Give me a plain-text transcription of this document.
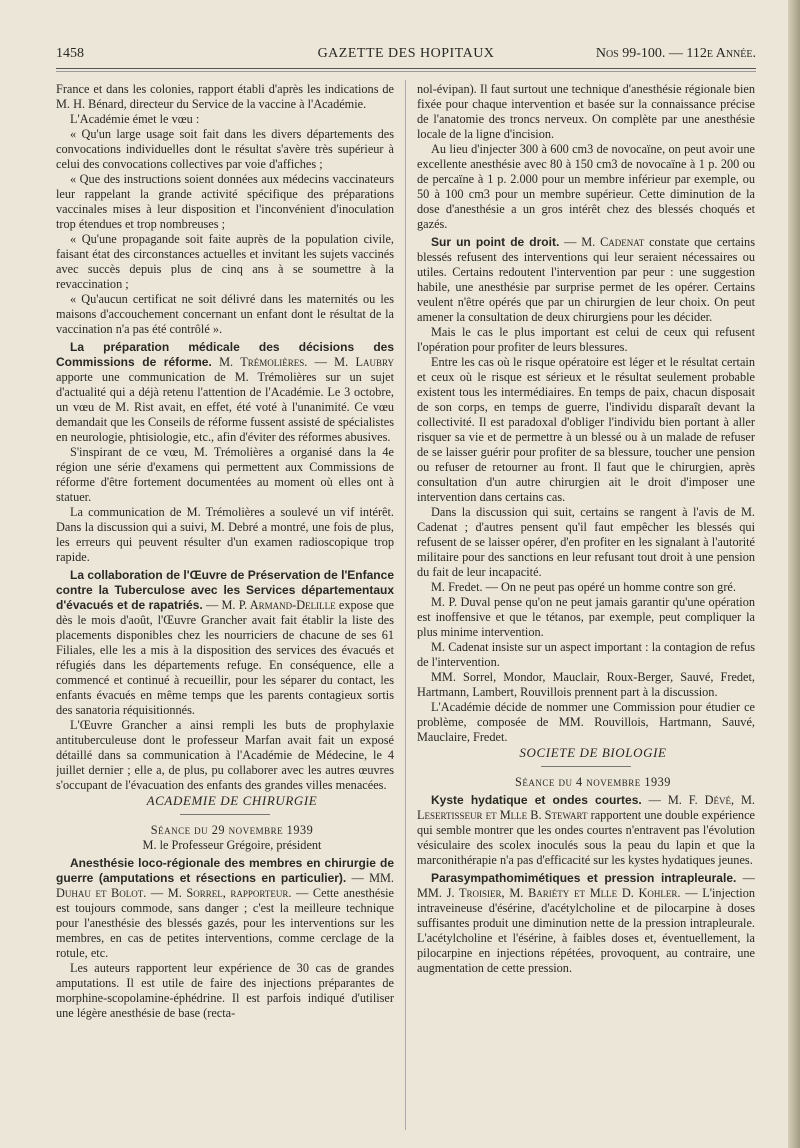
1458	GAZETTE DES HOPITAUX	Nos 99-100. — 112e Année.

France et dans les colonies, rapport établi d'après les indications de M. H. Bénard, directeur du Service de la vaccine à l'Académie.

L'Académie émet le vœu :

« Qu'un large usage soit fait dans les divers départements des convocations individuelles dont le résultat s'avère très supérieur à celui des convocations collectives par voie d'affiches ;

« Que des instructions soient données aux médecins vaccinateurs leur rappelant la grande activité spécifique des préparations vaccinales mises à leur disposition et l'inconvénient d'inoculation trop étendues et trop nombreuses ;

« Qu'une propagande soit faite auprès de la population civile, faisant état des circonstances actuelles et invitant les sujets vaccinés avec succès depuis plus de cinq ans à se soumettre à la revaccination ;

« Qu'aucun certificat ne soit délivré dans les maternités ou les maisons d'accouchement concernant un enfant dont le résultat de la vaccination n'a pas été contrôlé ».

La préparation médicale des décisions des Commissions de réforme. M. Trémolières. — M. Laubry apporte une communication de M. Trémolières sur un sujet d'actualité qui a déjà retenu l'attention de l'Académie. Le 3 octobre, un vœu de M. Rist avait, en effet, été voté à l'unanimité. Ce vœu demandait que les Conseils de réforme fussent assisté de spécialistes en neurologie, phtisiologie, etc., afin d'éviter des réformes abusives.

S'inspirant de ce vœu, M. Trémolières a organisé dans la 4e région une série d'examens qui permettent aux Commissions de réforme d'être fortement documentées au moment où elles ont à statuer.

La communication de M. Trémolières a soulevé un vif intérêt. Dans la discussion qui a suivi, M. Debré a montré, une fois de plus, les erreurs qui peuvent résulter d'un examen radioscopique trop rapide.

La collaboration de l'Œuvre de Préservation de l'Enfance contre la Tuberculose avec les Services départementaux d'évacués et de rapatriés. — M. P. Armand-Delille expose que dès le mois d'août, l'Œuvre Grancher avait fait établir la liste des placements disponibles chez les nourriciers de chacune de ses 61 Filiales, elle les a mis à la disposition des services des évacués et réfugiés dans les départements refuge. En conséquence, elle a commencé et continué à recueillir, pour les séparer du contact, les enfants évacués en même temps que les parents contagieux sortis des sanatoria réquisitionnés.

L'Œuvre Grancher a ainsi rempli les buts de prophylaxie antituberculeuse dont le professeur Marfan avait fait un exposé détaillé dans sa communication à l'Académie de Médecine, le 4 juillet dernier ; elle a, de plus, pu collaborer avec les autres œuvres s'occupant de l'évacuation des enfants des grandes villes menacées.

ACADEMIE DE CHIRURGIE

Séance du 29 novembre 1939

M. le Professeur Grégoire, président

Anesthésie loco-régionale des membres en chirurgie de guerre (amputations et résections en particulier). — MM. Duhau et Bolot. — M. Sorrel, rapporteur. — Cette anesthésie est toujours commode, sans danger ; c'est la meilleure technique pour l'anesthésie des blessés gazés, pour les interventions sur les membres, en cas de petites interventions, comme cerclage de la rotule, etc.

Les auteurs rapportent leur expérience de 30 cas de grandes amputations. Il est utile de faire des injections préparantes de morphine-scopolamine-éphédrine. Il est parfois indiqué d'utiliser une légère anesthésie de base (recta-

nol-évipan). Il faut surtout une technique d'anesthésie régionale bien fixée pour chaque intervention et basée sur la connaissance précise de l'anatomie des troncs nerveux. On complète par une anesthésie locale de la ligne d'incision.

Au lieu d'injecter 300 à 600 cm3 de novocaïne, on peut avoir une excellente anesthésie avec 80 à 150 cm3 de novocaïne à 1 p. 200 ou de percaïne à 1 p. 2.000 pour un membre inférieur par exemple, ou 50 à 100 cm3 pour un membre supérieur. Cette diminution de la dose d'anesthésie a un gros intérêt chez des blessés choqués et gazés.

Sur un point de droit. — M. Cadenat constate que certains blessés refusent des interventions qui leur seraient nécessaires ou utiles. Certains redoutent l'intervention par peur : une suggestion habile, une anesthésie par surprise permet de les opérer. Certains veulent n'être opérés que par un chirurgien de leur choix. On peut amener la consultation de deux chirurgiens pour les décider.

Mais le cas le plus important est celui de ceux qui refusent l'opération pour profiter de leurs blessures.

Entre les cas où le risque opératoire est léger et le résultat certain et ceux où le risque est sérieux et le résultat seulement probable existent tous les intermédiaires. En temps de paix, chacun disposait de son corps, en temps de guerre, l'individu disparaît devant la collectivité. Il est paradoxal d'obliger l'individu bien portant à aller risquer sa vie et de permettre à un blessé ou à un malade de refuser de se laisser guérir pour profiter de sa blessure, toucher une pension ou refuser de retourner au front. Il faut que le chirurgien, après consultation d'un autre chirurgien ait le droit d'imposer une intervention dans certains cas.

Dans la discussion qui suit, certains se rangent à l'avis de M. Cadenat ; d'autres pensent qu'il faut empêcher les blessés qui refusent de se laisser opérer, d'en profiter en les signalant à l'autorité militaire pour des sanctions en leur refusant tout droit à une pension du fait de leur incapacité.

M. Fredet. — On ne peut pas opéré un homme contre son gré.

M. P. Duval pense qu'on ne peut jamais garantir qu'une opération est inoffensive et que le tétanos, par exemple, peut compliquer la plus minime intervention.

M. Cadenat insiste sur un aspect important : la contagion de refus de l'intervention.

MM. Sorrel, Mondor, Mauclair, Roux-Berger, Sauvé, Fredet, Hartmann, Lambert, Rouvillois prennent part à la discussion.

L'Académie décide de nommer une Commission pour étudier ce problème, composée de MM. Rouvillois, Hartmann, Sauvé, Mauclaire, Fredet.

SOCIETE DE BIOLOGIE

Séance du 4 novembre 1939

Kyste hydatique et ondes courtes. — M. F. Dévé, M. Lesertisseur et Mlle B. Stewart rapportent une double expérience qui semble montrer que les ondes courtes n'entravent pas l'évolution vésiculaire des scolex inoculés sous la peau du lapin et que la marconithérapie n'a pas d'efficacité sur les kystes hydatiques jeunes.

Parasympathomimétiques et pression intrapleurale. — MM. J. Troisier, M. Bariéty et Mlle D. Kohler. — L'injection intraveineuse d'ésérine, d'acétylcholine et de pilocarpine à doses suffisantes produit une diminution nette de la pression intrapleurale. L'acétylcholine et l'ésérine, à faibles doses et, éventuellement, la pilocarpine en injections répétées, provoquent, au contraire, une augmentation de cette pression.
